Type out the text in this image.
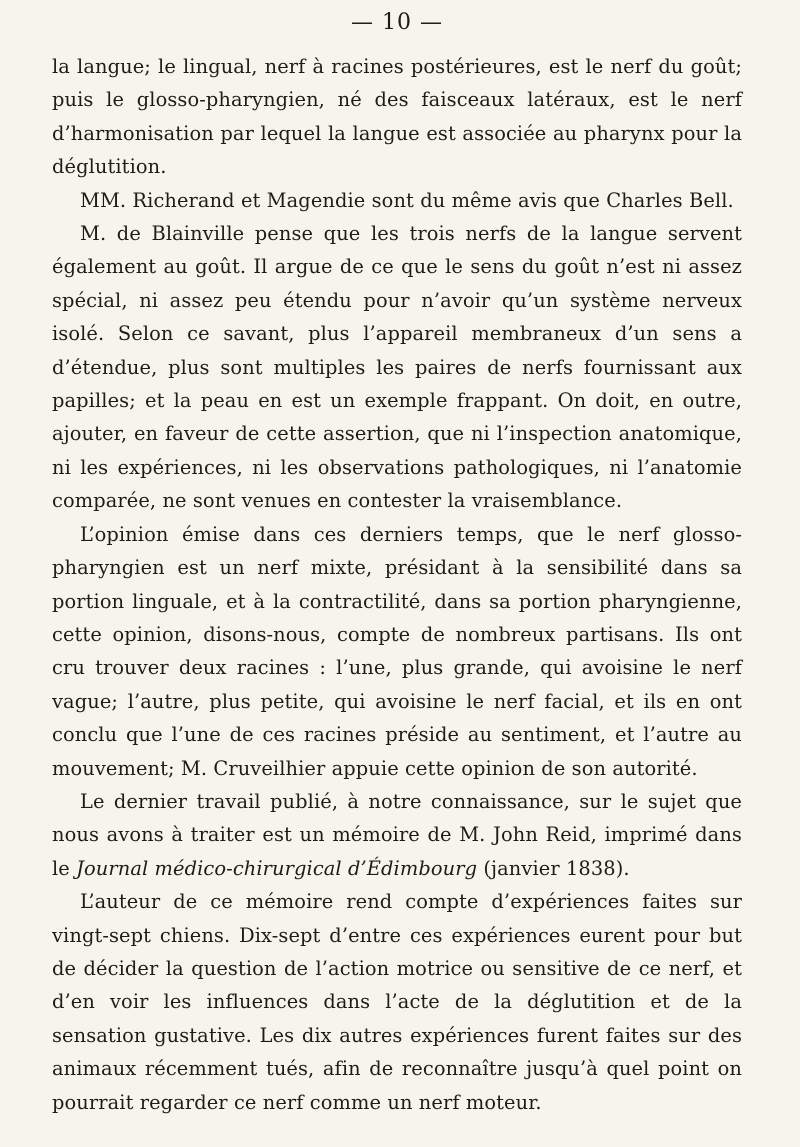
— 10 —

la langue; le lingual, nerf à racines postérieures, est le nerf du goût; puis le glosso-pharyngien, né des faisceaux latéraux, est le nerf d’harmonisation par lequel la langue est associée au pharynx pour la déglutition.

MM. Richerand et Magendie sont du même avis que Charles Bell.

M. de Blainville pense que les trois nerfs de la langue servent également au goût. Il argue de ce que le sens du goût n’est ni assez spécial, ni assez peu étendu pour n’avoir qu’un système nerveux isolé. Selon ce savant, plus l’appareil membraneux d’un sens a d’étendue, plus sont multiples les paires de nerfs fournissant aux papilles; et la peau en est un exemple frappant. On doit, en outre, ajouter, en faveur de cette assertion, que ni l’inspection anatomique, ni les expériences, ni les observations pathologiques, ni l’anatomie comparée, ne sont venues en contester la vraisemblance.

L’opinion émise dans ces derniers temps, que le nerf glosso-pharyngien est un nerf mixte, présidant à la sensibilité dans sa portion linguale, et à la contractilité, dans sa portion pharyngienne, cette opinion, disons-nous, compte de nombreux partisans. Ils ont cru trouver deux racines : l’une, plus grande, qui avoisine le nerf vague; l’autre, plus petite, qui avoisine le nerf facial, et ils en ont conclu que l’une de ces racines préside au sentiment, et l’autre au mouvement; M. Cruveilhier appuie cette opinion de son autorité.

Le dernier travail publié, à notre connaissance, sur le sujet que nous avons à traiter est un mémoire de M. John Reid, imprimé dans le Journal médico-chirurgical d’Édimbourg (janvier 1838).

L’auteur de ce mémoire rend compte d’expériences faites sur vingt-sept chiens. Dix-sept d’entre ces expériences eurent pour but de décider la question de l’action motrice ou sensitive de ce nerf, et d’en voir les influences dans l’acte de la déglutition et de la sensation gustative. Les dix autres expériences furent faites sur des animaux récemment tués, afin de reconnaître jusqu’à quel point on pourrait regarder ce nerf comme un nerf moteur.
